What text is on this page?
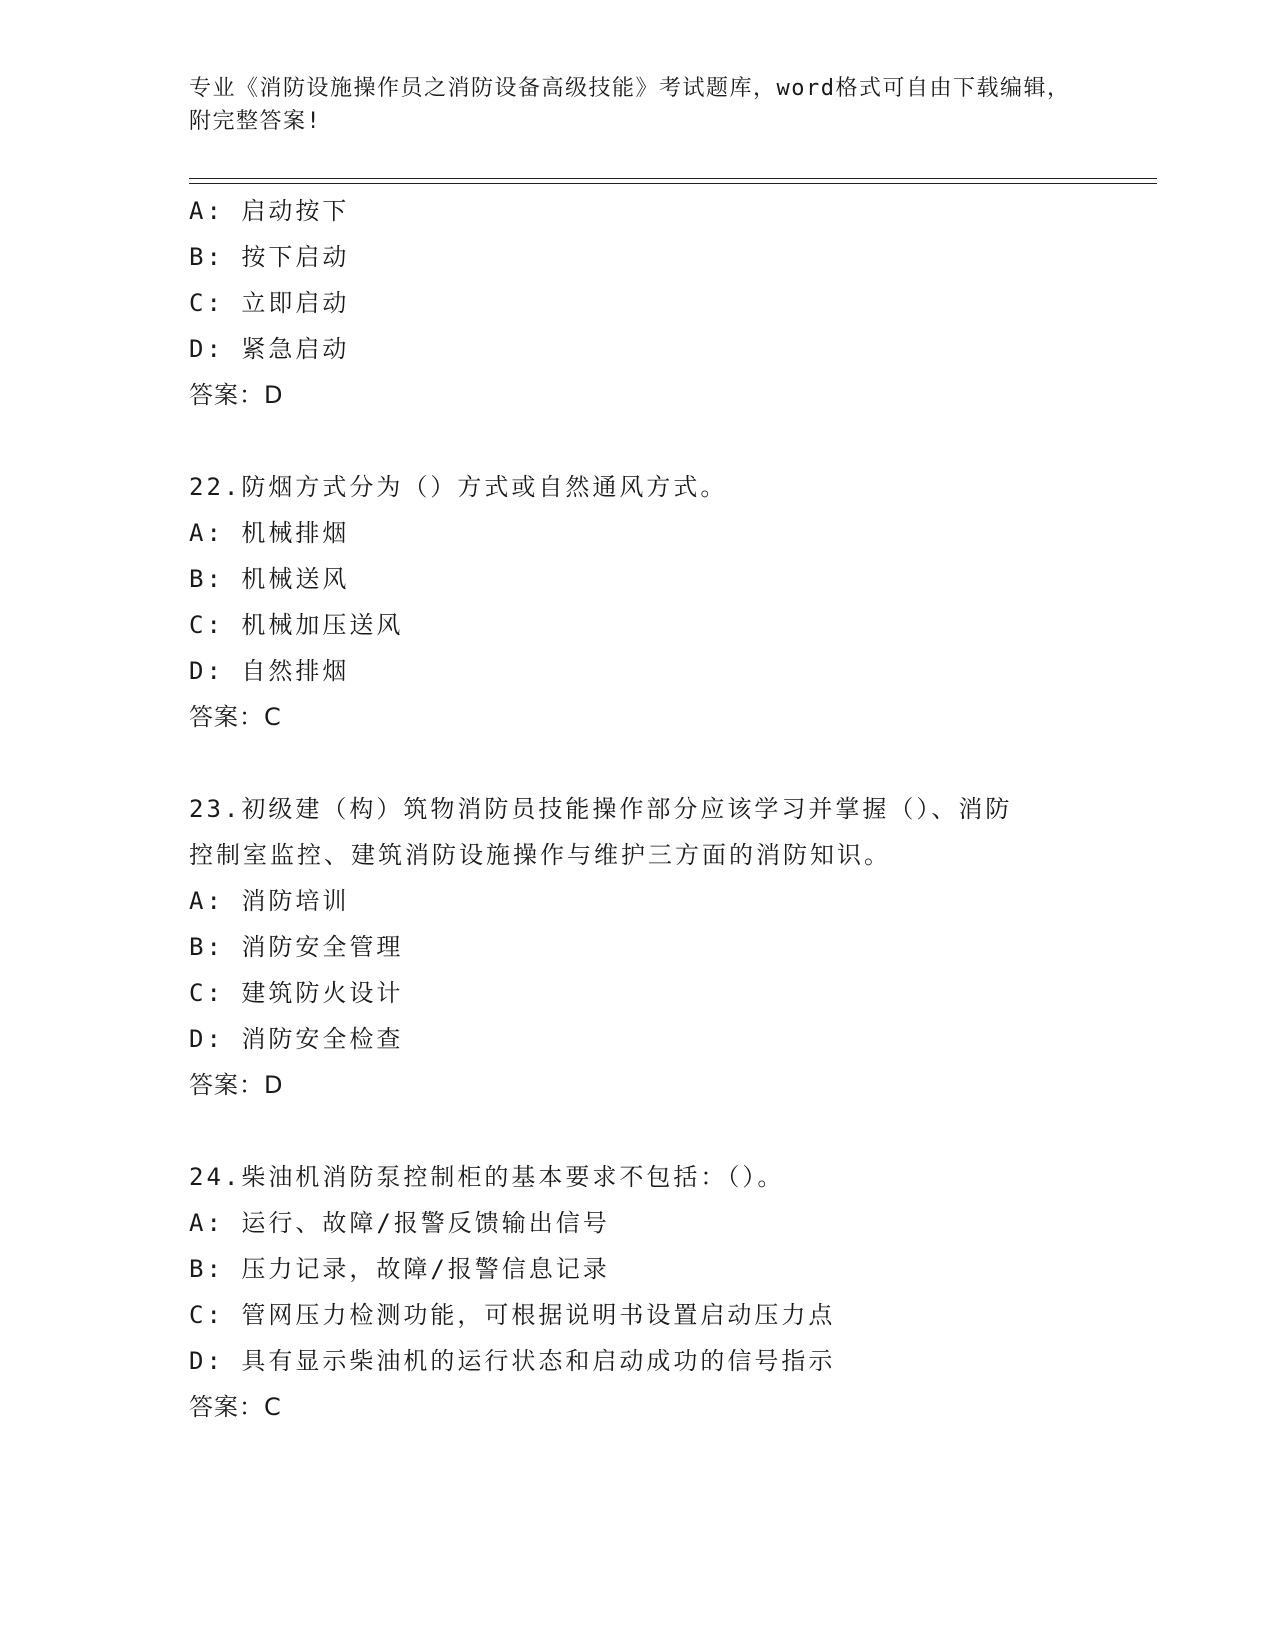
专业《消防设施操作员之消防设备高级技能》考试题库，word格式可自由下载编辑，附完整答案!
A: 启动按下
B: 按下启动
C: 立即启动
D: 紧急启动
答案：D
22.防烟方式分为（）方式或自然通风方式。
A: 机械排烟
B: 机械送风
C: 机械加压送风
D: 自然排烟
答案：C
23.初级建（构）筑物消防员技能操作部分应该学习并掌握（）、消防
控制室监控、建筑消防设施操作与维护三方面的消防知识。
A: 消防培训
B: 消防安全管理
C: 建筑防火设计
D: 消防安全检查
答案：D
24.柴油机消防泵控制柜的基本要求不包括：（）。
A: 运行、故障/报警反馈输出信号
B: 压力记录，故障/报警信息记录
C: 管网压力检测功能，可根据说明书设置启动压力点
D: 具有显示柴油机的运行状态和启动成功的信号指示
答案：C
